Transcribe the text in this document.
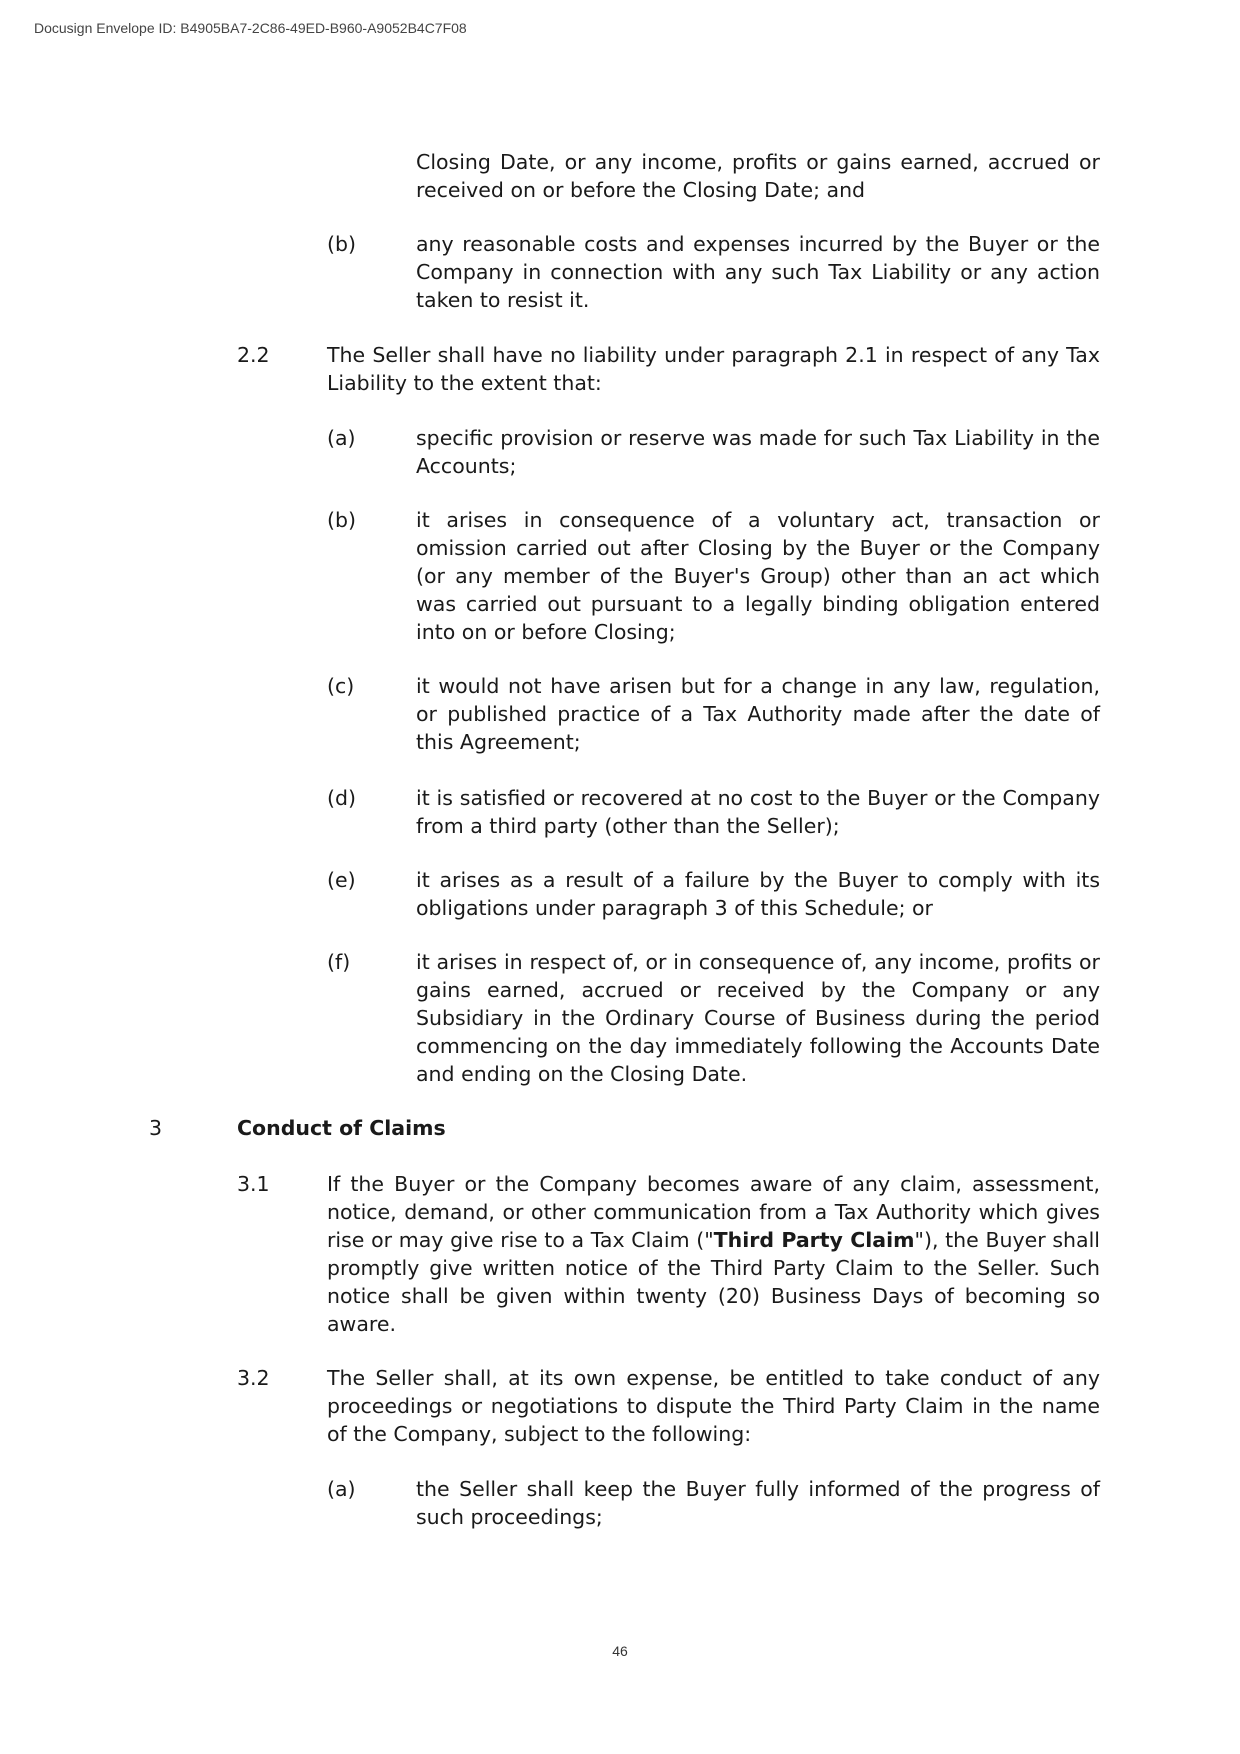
Docusign Envelope ID: B4905BA7-2C86-49ED-B960-A9052B4C7F08
Closing Date, or any income, profits or gains earned, accrued or received on or before the Closing Date; and
(b)	any reasonable costs and expenses incurred by the Buyer or the Company in connection with any such Tax Liability or any action taken to resist it.
2.2	The Seller shall have no liability under paragraph 2.1 in respect of any Tax Liability to the extent that:
(a)	specific provision or reserve was made for such Tax Liability in the Accounts;
(b)	it arises in consequence of a voluntary act, transaction or omission carried out after Closing by the Buyer or the Company (or any member of the Buyer's Group) other than an act which was carried out pursuant to a legally binding obligation entered into on or before Closing;
(c)	it would not have arisen but for a change in any law, regulation, or published practice of a Tax Authority made after the date of this Agreement;
(d)	it is satisfied or recovered at no cost to the Buyer or the Company from a third party (other than the Seller);
(e)	it arises as a result of a failure by the Buyer to comply with its obligations under paragraph 3 of this Schedule; or
(f)	it arises in respect of, or in consequence of, any income, profits or gains earned, accrued or received by the Company or any Subsidiary in the Ordinary Course of Business during the period commencing on the day immediately following the Accounts Date and ending on the Closing Date.
3	Conduct of Claims
3.1	If the Buyer or the Company becomes aware of any claim, assessment, notice, demand, or other communication from a Tax Authority which gives rise or may give rise to a Tax Claim ("Third Party Claim"), the Buyer shall promptly give written notice of the Third Party Claim to the Seller. Such notice shall be given within twenty (20) Business Days of becoming so aware.
3.2	The Seller shall, at its own expense, be entitled to take conduct of any proceedings or negotiations to dispute the Third Party Claim in the name of the Company, subject to the following:
(a)	the Seller shall keep the Buyer fully informed of the progress of such proceedings;
46
